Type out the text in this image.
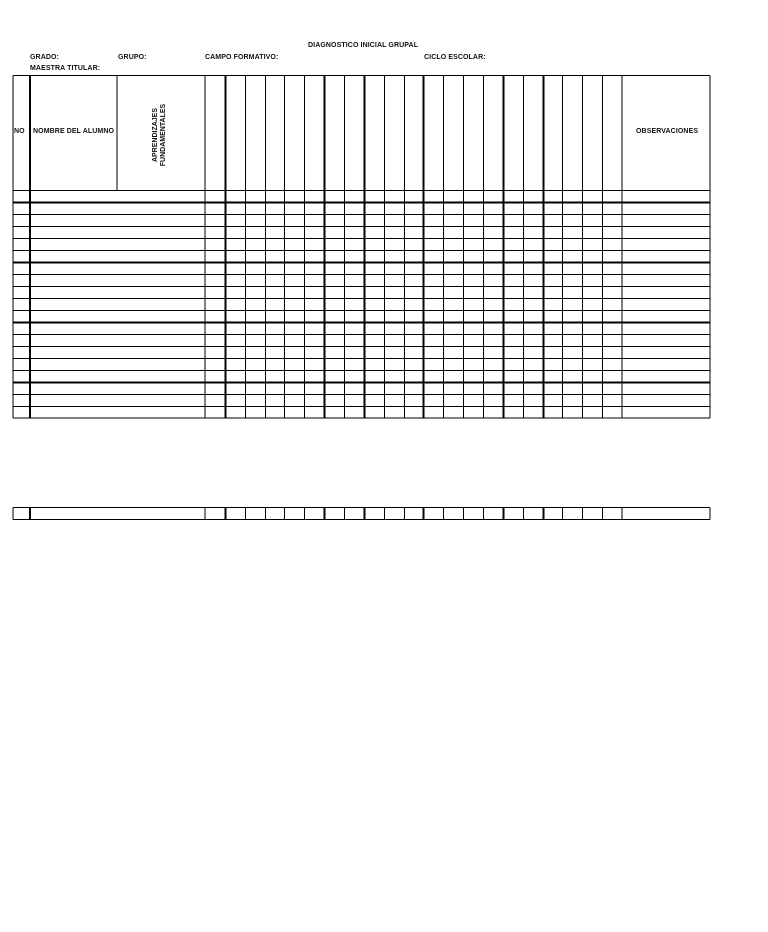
DIAGNOSTICO INICIAL GRUPAL
GRADO:	GRUPO:	CAMPO FORMATIVO:	CICLO ESCOLAR:
MAESTRA TITULAR:
NO NOMBRE DEL ALUMNO	APRENDIZAJES FUNDAMENTALES	OBSERVACIONES
